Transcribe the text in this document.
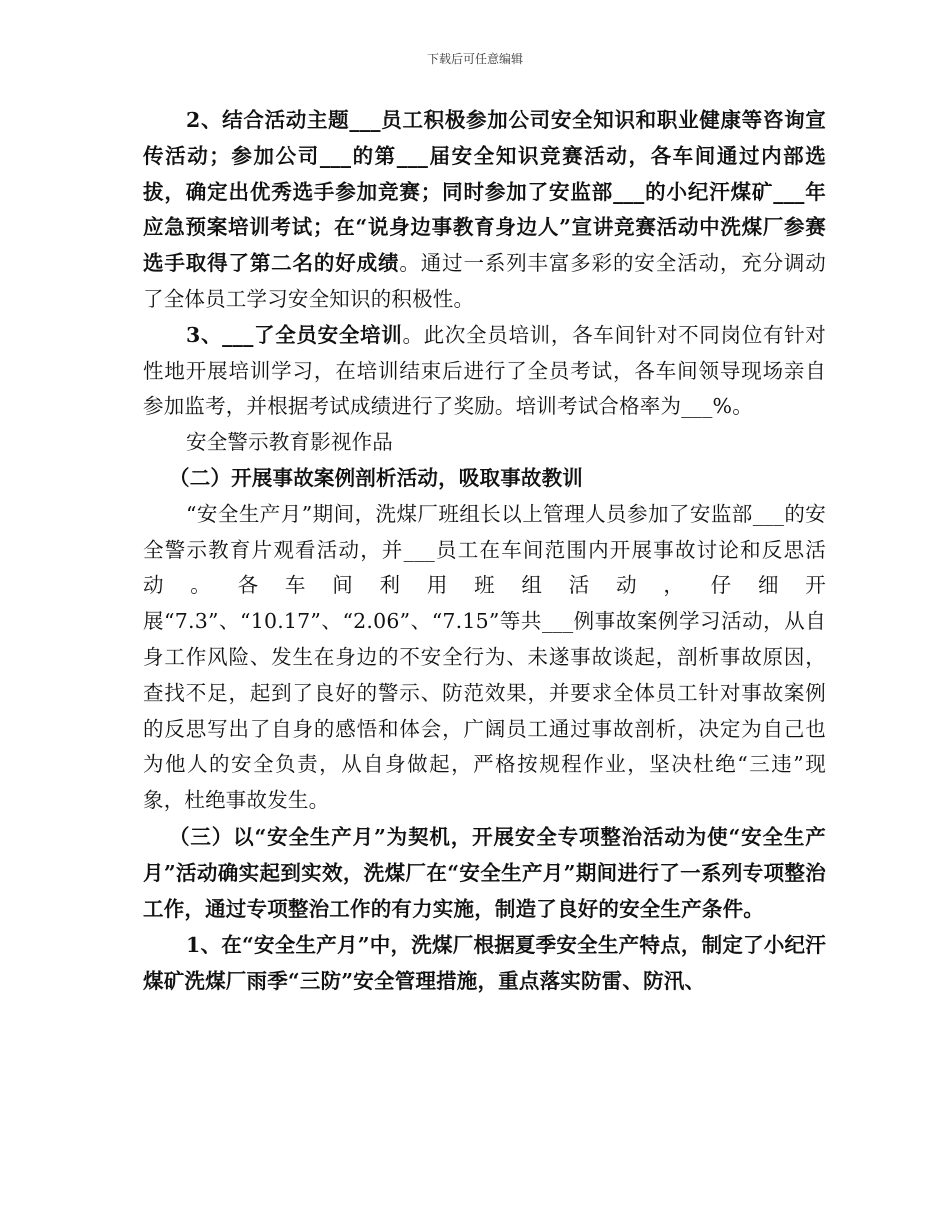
下载后可任意编辑

2、结合活动主题___员工积极参加公司安全知识和职业健康等咨询宣传活动；参加公司___的第___届安全知识竞赛活动，各车间通过内部选拔，确定出优秀选手参加竞赛；同时参加了安监部___的小纪汗煤矿___年应急预案培训考试；在“说身边事教育身边人”宣讲竞赛活动中洗煤厂参赛选手取得了第二名的好成绩。通过一系列丰富多彩的安全活动，充分调动了全体员工学习安全知识的积极性。

3、___了全员安全培训。此次全员培训，各车间针对不同岗位有针对性地开展培训学习，在培训结束后进行了全员考试，各车间领导现场亲自参加监考，并根据考试成绩进行了奖励。培训考试合格率为___%。

安全警示教育影视作品

（二）开展事故案例剖析活动，吸取事故教训

“安全生产月”期间，洗煤厂班组长以上管理人员参加了安监部___的安全警示教育片观看活动，并___员工在车间范围内开展事故讨论和反思活动。各车间利用班组活动，仔细开展“7.3”、“10.17”、“2.06”、“7.15”等共___例事故案例学习活动，从自身工作风险、发生在身边的不安全行为、未遂事故谈起，剖析事故原因，查找不足，起到了良好的警示、防范效果，并要求全体员工针对事故案例的反思写出了自身的感悟和体会，广阔员工通过事故剖析，决定为自己也为他人的安全负责，从自身做起，严格按规程作业，坚决杜绝“三违”现象，杜绝事故发生。

（三）以“安全生产月”为契机，开展安全专项整治活动为使“安全生产月”活动确实起到实效，洗煤厂在“安全生产月”期间进行了一系列专项整治工作，通过专项整治工作的有力实施，制造了良好的安全生产条件。

1、在“安全生产月”中，洗煤厂根据夏季安全生产特点，制定了小纪汗煤矿洗煤厂雨季“三防”安全管理措施，重点落实防雷、防汛、
